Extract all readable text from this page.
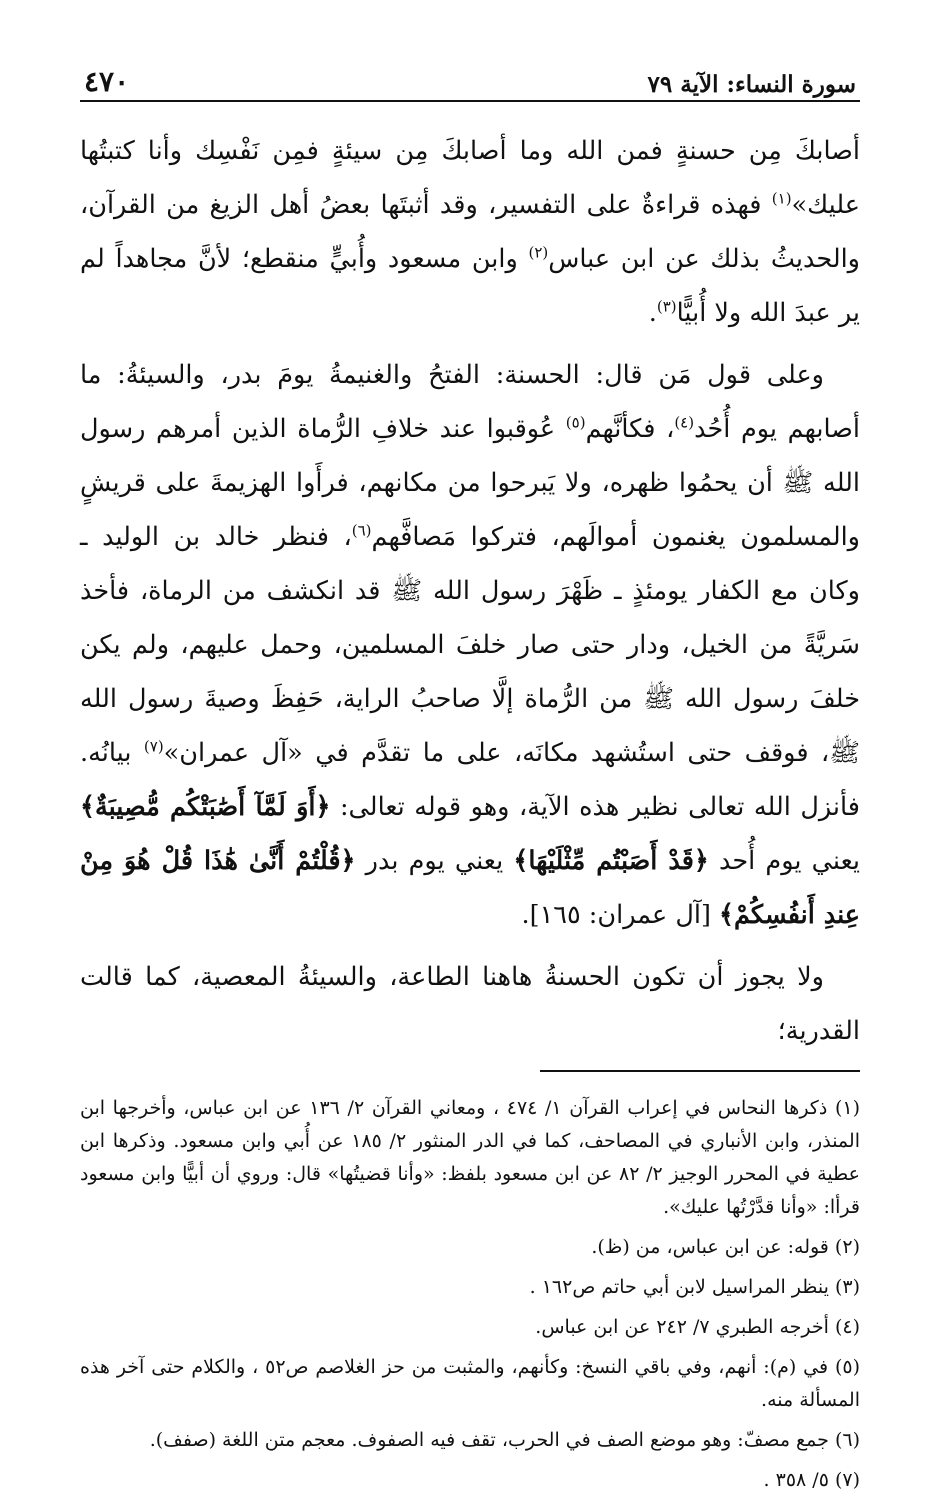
سورة النساء: الآية ٧٩
٤٧٠

أصابكَ مِن حسنةٍ فمن الله وما أصابكَ مِن سيئةٍ فمِن نَفْسِك وأنا كتبتُها عليك»$^{(١)}$ فهذه قراءةٌ على التفسير، وقد أثبتَها بعضُ أهل الزيغ من القرآن، والحديثُ بذلك عن ابن عباس$^{(٢)}$ وابن مسعود وأُبيٍّ منقطع؛ لأنَّ مجاهداً لم ير عبدَ الله ولا أُبيًّا$^{(٣)}$.

وعلى قول مَن قال: الحسنة: الفتحُ والغنيمةُ يومَ بدر، والسيئةُ: ما أصابهم يوم أُحُد$^{(٤)}$، فكأنَّهم$^{(٥)}$ عُوقبوا عند خلافِ الرُّماة الذين أمرهم رسول الله ﷺ أن يحمُوا ظهره، ولا يَبرحوا من مكانهم، فرأَوا الهزيمةَ على قريشٍ والمسلمون يغنمون أموالَهم، فتركوا مَصافَّهم$^{(٦)}$، فنظر خالد بن الوليد ـ وكان مع الكفار يومئذٍ ـ ظَهْرَ رسول الله ﷺ قد انكشف من الرماة، فأخذ سَريَّةً من الخيل، ودار حتى صار خلفَ المسلمين، وحمل عليهم، ولم يكن خلفَ رسول الله ﷺ من الرُّماة إلَّا صاحبُ الراية، حَفِظَ وصيةَ رسول الله ﷺ، فوقف حتى استُشهد مكانَه، على ما تقدَّم في «آل عمران»$^{(٧)}$ بيانُه. فأنزل الله تعالى نظير هذه الآية، وهو قوله تعالى: ﴿أَوَ لَمَّآ أَصَٰبَتْكُم مُّصِيبَةٌ﴾ يعني يوم أُحد ﴿قَدْ أَصَبْتُم مِّثْلَيْهَا﴾ يعني يوم بدر ﴿قُلْتُمْ أَنَّىٰ هَٰذَا قُلْ هُوَ مِنْ عِندِ أَنفُسِكُمْ﴾ [آل عمران: ١٦٥].

ولا يجوز أن تكون الحسنةُ هاهنا الطاعة، والسيئةُ المعصية، كما قالت القدرية؛

(١) ذكرها النحاس في إعراب القرآن ١/ ٤٧٤ ، ومعاني القرآن ٢/ ١٣٦ عن ابن عباس، وأخرجها ابن المنذر، وابن الأنباري في المصاحف، كما في الدر المنثور ٢/ ١٨٥ عن أُبي وابن مسعود. وذكرها ابن عطية في المحرر الوجيز ٢/ ٨٢ عن ابن مسعود بلفظ: «وأنا قضيتُها» قال: وروي أن أبيًّا وابن مسعود قرأا: «وأنا قدَّرْتُها عليك».

(٢) قوله: عن ابن عباس، من (ظ).

(٣) ينظر المراسيل لابن أبي حاتم ص١٦٢ .

(٤) أخرجه الطبري ٧/ ٢٤٢ عن ابن عباس.

(٥) في (م): أنهم، وفي باقي النسخ: وكأنهم، والمثبت من حز الغلاصم ص٥٢ ، والكلام حتى آخر هذه المسألة منه.

(٦) جمع مصفّ: وهو موضع الصف في الحرب، تقف فيه الصفوف. معجم متن اللغة (صفف).

(٧) ٥/ ٣٥٨ .
